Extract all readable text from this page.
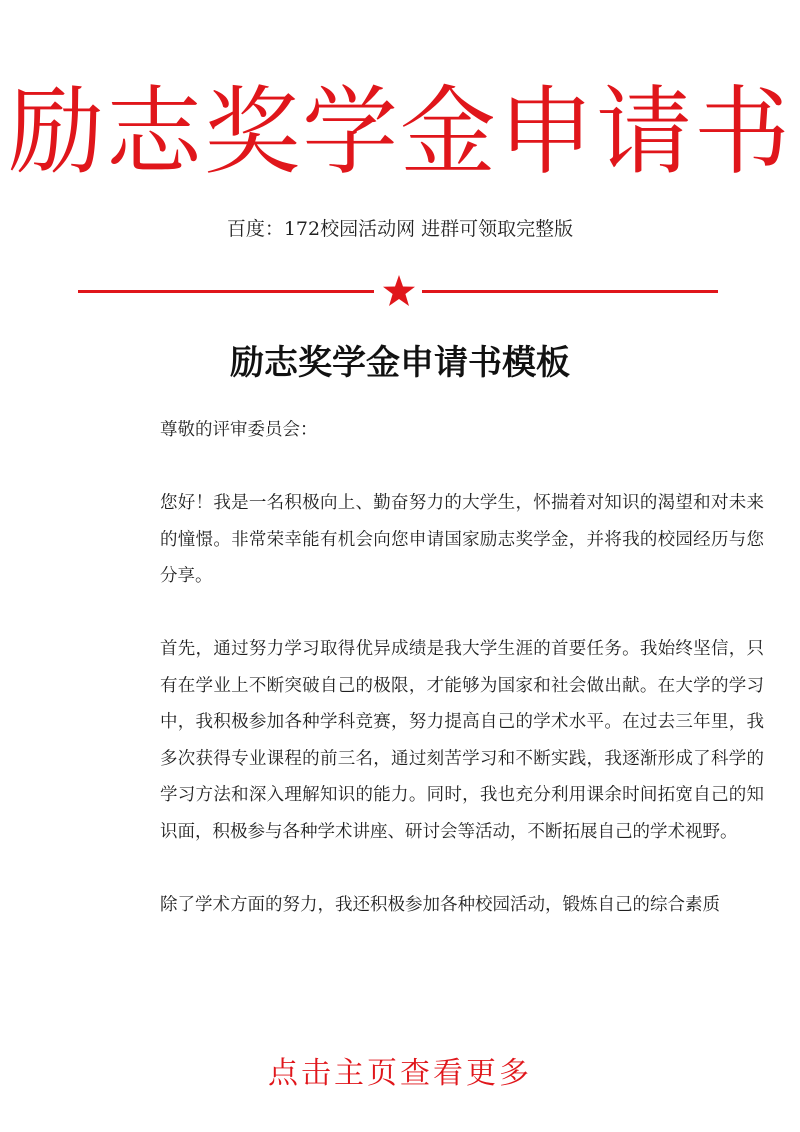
励志奖学金申请书
百度：172校园活动网 进群可领取完整版
励志奖学金申请书模板

尊敬的评审委员会：

您好！我是一名积极向上、勤奋努力的大学生，怀揣着对知识的渴望和对未来的憧憬。非常荣幸能有机会向您申请国家励志奖学金，并将我的校园经历与您分享。

首先，通过努力学习取得优异成绩是我大学生涯的首要任务。我始终坚信，只有在学业上不断突破自己的极限，才能够为国家和社会做出献。在大学的学习中，我积极参加各种学科竞赛，努力提高自己的学术水平。在过去三年里，我多次获得专业课程的前三名，通过刻苦学习和不断实践，我逐渐形成了科学的学习方法和深入理解知识的能力。同时，我也充分利用课余时间拓宽自己的知识面，积极参与各种学术讲座、研讨会等活动，不断拓展自己的学术视野。

除了学术方面的努力，我还积极参加各种校园活动，锻炼自己的综合素质

点击主页查看更多
